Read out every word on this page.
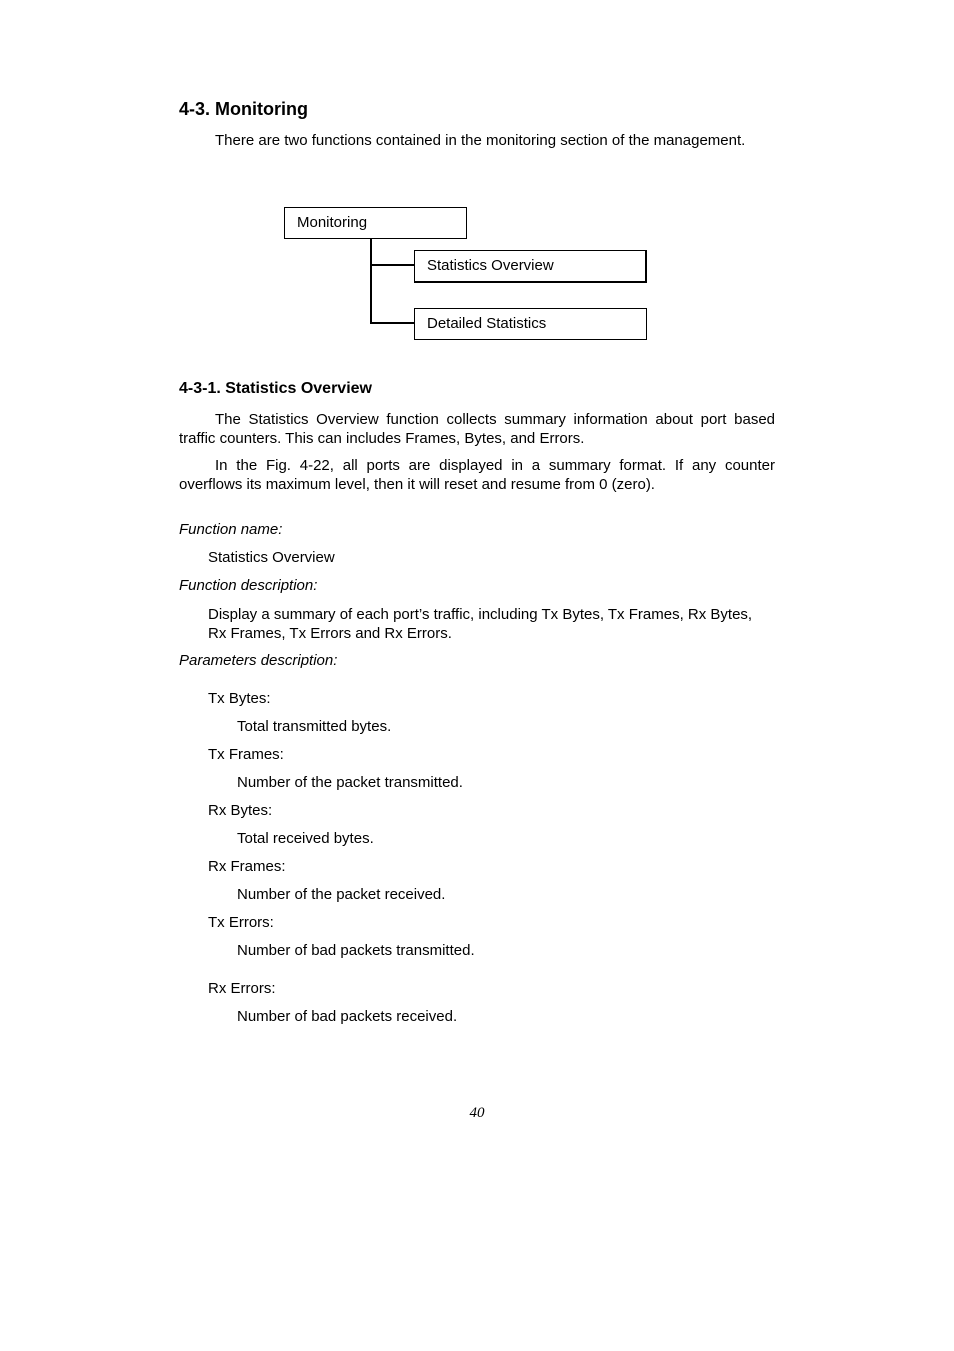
4-3. Monitoring
There are two functions contained in the monitoring section of the management.
Monitoring
Statistics Overview
Detailed Statistics
4-3-1. Statistics Overview
The Statistics Overview function collects summary information about port based traffic counters. This can includes Frames, Bytes, and Errors.
In the Fig. 4-22, all ports are displayed in a summary format. If any counter overflows its maximum level, then it will reset and resume from 0 (zero).
Function name:
Statistics Overview
Function description:
Display a summary of each port’s traffic, including Tx Bytes, Tx Frames, Rx Bytes, Rx Frames, Tx Errors and Rx Errors.
Parameters description:
Tx Bytes:
Total transmitted bytes.
Tx Frames:
Number of the packet transmitted.
Rx Bytes:
Total received bytes.
Rx Frames:
Number of the packet received.
Tx Errors:
Number of bad packets transmitted.
Rx Errors:
Number of bad packets received.
40
